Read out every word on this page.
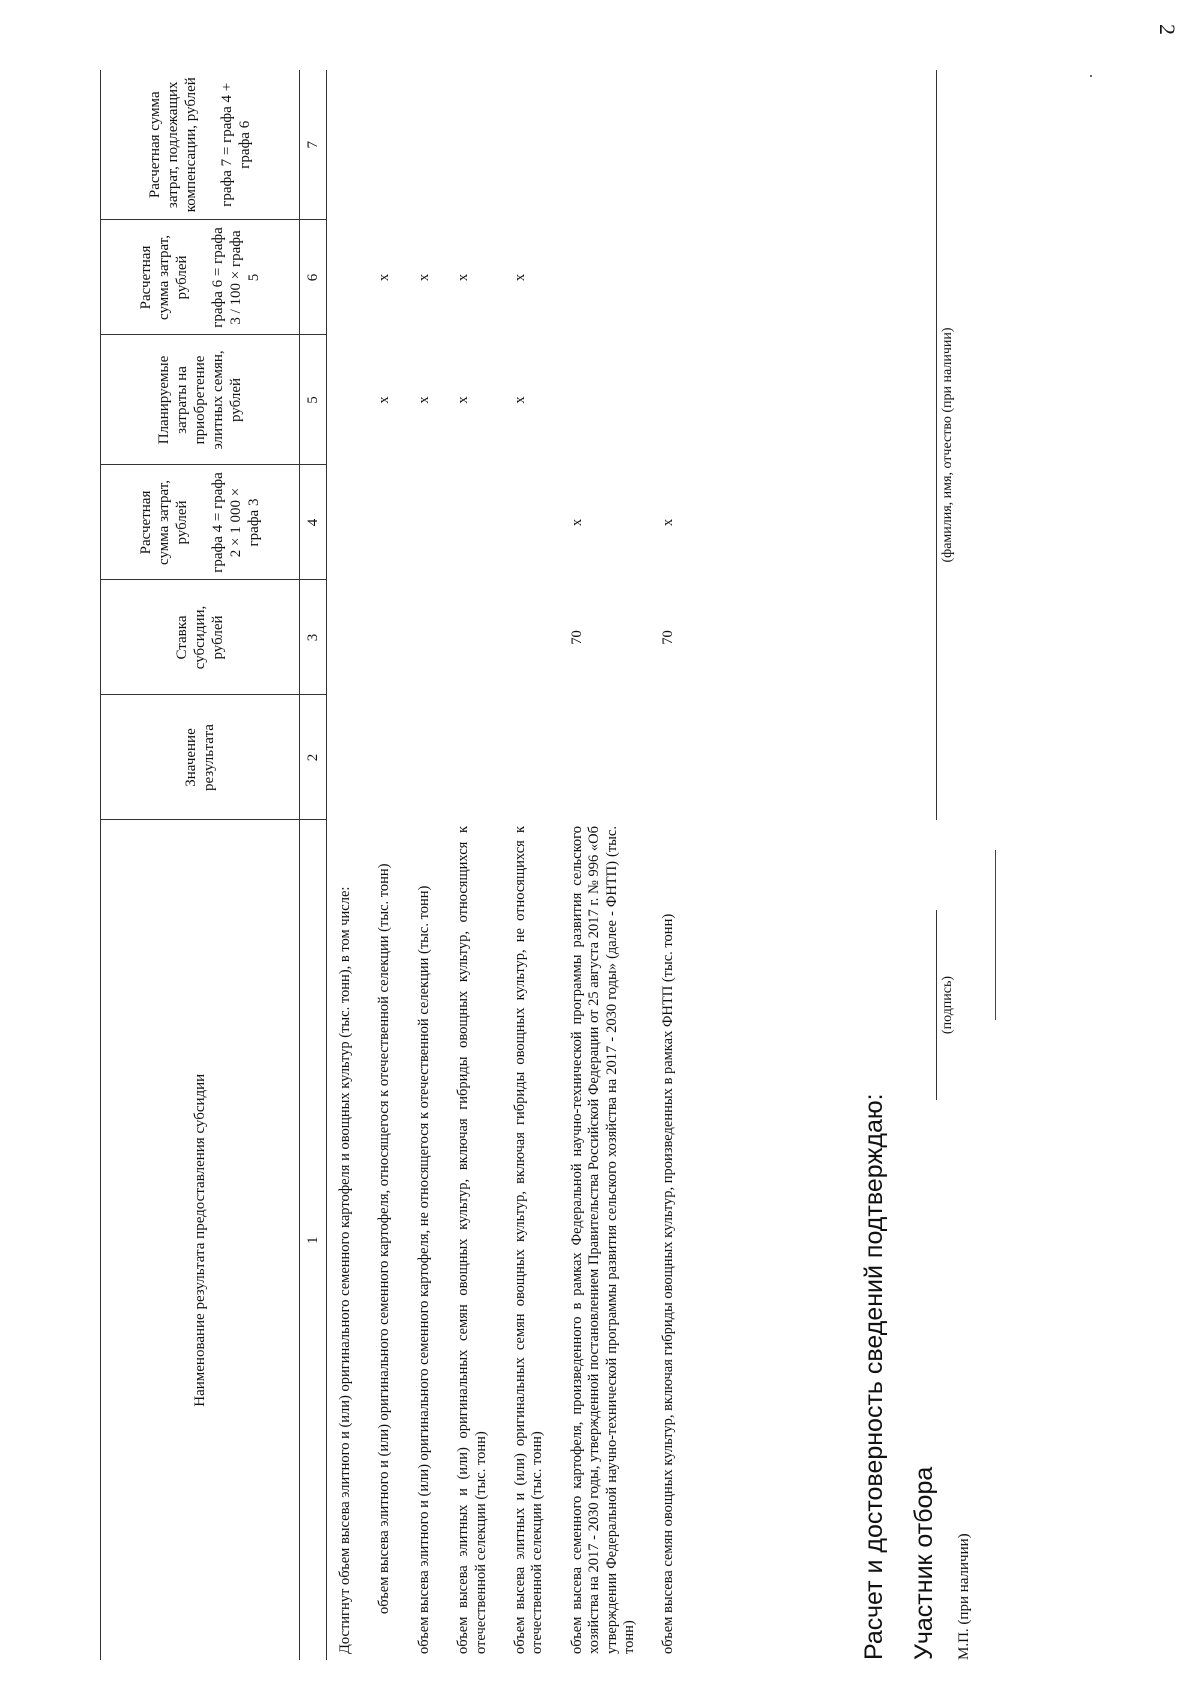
2
Наименование результата предоставления субсидии	Значение результата	Ставка субсидии, рублей	Расчетная сумма затрат, рублей графа 4 = графа 2 × 1 000 × графа 3	Планируемые затраты на приобретение элитных семян, рублей	Расчетная сумма затрат, рублей графа 6 = графа 3 / 100 × графа 5	Расчетная сумма затрат, подлежащих компенсации, рублей графа 7 = графа 4 + графа 6

1	2	3	4	5	6	7
Достигнут объем высева элитного и (или) оригинального семенного картофеля и овощных культур (тыс. тонн), в том числе:						
объем высева элитного и (или) оригинального семенного картофеля, относящегося к отечественной селекции (тыс. тонн)				х	х	
объем высева элитного и (или) оригинального семенного картофеля, не относящегося к отечественной селекции (тыс. тонн)				х	х	
объем высева элитных и (или) оригинальных семян овощных культур, включая гибриды овощных культур, относящихся к отечественной селекции (тыс. тонн)				х	х	
объем высева элитных и (или) оригинальных семян овощных культур, включая гибриды овощных культур, не относящихся к отечественной селекции (тыс. тонн)				х	х	
объем высева семенного картофеля, произведенного в рамках Федеральной научно-технической программы развития сельского хозяйства на 2017 - 2030 годы, утвержденной постановлением Правительства Российской Федерации от 25 августа 2017 г. № 996 «Об утверждении Федеральной научно-технической программы развития сельского хозяйства на 2017 - 2030 годы» (далее - ФНТП) (тыс. тонн)		70	х			
объем высева семян овощных культур, включая гибриды овощных культур, произведенных в рамках ФНТП (тыс. тонн)		70	х			
Расчет и достоверность сведений подтверждаю: Участник отбора
(подпись)
(фамилия, имя, отчество (при наличии)
М.П. (при наличии)
